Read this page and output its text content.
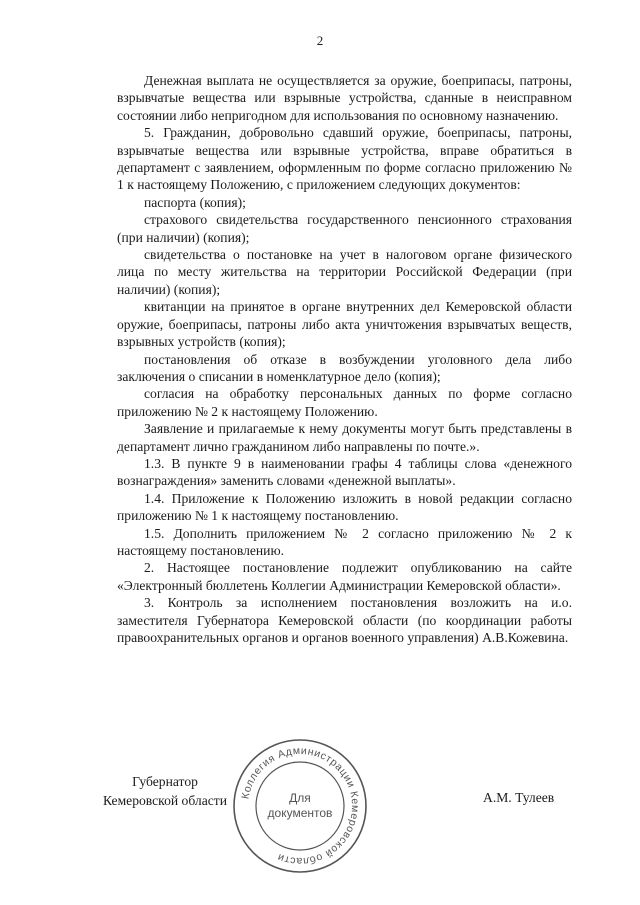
2

Денежная выплата не осуществляется за оружие, боеприпасы, патроны, взрывчатые вещества или взрывные устройства, сданные в неисправном состоянии либо непригодном для использования по основному назначению.

5. Гражданин, добровольно сдавший оружие, боеприпасы, патроны, взрывчатые вещества или взрывные устройства, вправе обратиться в департамент с заявлением, оформленным по форме согласно приложению № 1 к настоящему Положению, с приложением следующих документов:

паспорта (копия);

страхового свидетельства государственного пенсионного страхования (при наличии) (копия);

свидетельства о постановке на учет в налоговом органе физического лица по месту жительства на территории Российской Федерации (при наличии) (копия);

квитанции на принятое в органе внутренних дел Кемеровской области оружие, боеприпасы, патроны либо акта уничтожения взрывчатых веществ, взрывных устройств (копия);

постановления об отказе в возбуждении уголовного дела либо заключения о списании в номенклатурное дело (копия);

согласия на обработку персональных данных по форме согласно приложению № 2 к настоящему Положению.

Заявление и прилагаемые к нему документы могут быть представлены в департамент лично гражданином либо направлены по почте.».

1.3. В пункте 9 в наименовании графы 4 таблицы слова «денежного вознаграждения» заменить словами «денежной выплаты».

1.4. Приложение к Положению изложить в новой редакции согласно приложению № 1 к настоящему постановлению.

1.5. Дополнить приложением № 2 согласно приложению № 2 к настоящему постановлению.

2. Настоящее постановление подлежит опубликованию на сайте «Электронный бюллетень Коллегии Администрации Кемеровской области».

3. Контроль за исполнением постановления возложить на и.о. заместителя Губернатора Кемеровской области (по координации работы правоохранительных органов и органов военного управления) А.В.Кожевина.

Губернатор
Кемеровской области	Коллегия Администрации Кемеровской области
Для
документов
А.М. Тулеев
